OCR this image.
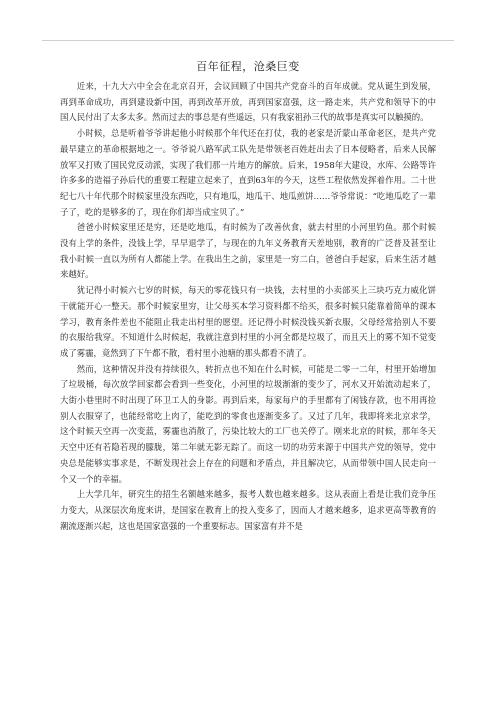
百年征程，沧桑巨变

近来，十九大六中全会在北京召开，会议回顾了中国共产党奋斗的百年成就。党从诞生到发展，再到革命成功，再到建设新中国，再到改革开放，再到国家富强，这一路走来，共产党和领导下的中国人民付出了太多太多。然而过去的事总是有些遥远，只有我家祖孙三代的故事是真实可以触摸的。

小时候，总是听着爷爷讲起他小时候那个年代还在打仗，我的老家是沂蒙山革命老区，是共产党最早建立的革命根据地之一。爷爷说八路军武工队先是带领老百姓赶出去了日本侵略者，后来人民解放军又打败了国民党反动派，实现了我们那一片地方的解放。后来，1958年大建设，水库、公路等许许多多的造福子孙后代的重要工程建立起来了，直到63年的今天，这些工程依然发挥着作用。二十世纪七八十年代那个时候家里没东西吃，只有地瓜，地瓜干、地瓜煎饼……爷爷常说：“吃地瓜吃了一辈子了，吃的是够多的了，现在你们却当成宝贝了。”

爸爸小时候家里还是穷，还是吃地瓜，有时候为了改善伙食，就去村里的小河里钓鱼。那个时候没有上学的条件，没钱上学，早早退学了，与现在的九年义务教育天差地别，教育的广泛普及甚至让我小时候一直以为所有人都能上学。在我出生之前，家里是一穷二白，爸爸白手起家，后来生活才越来越好。

犹记得小时候六七岁的时候，每天的零花钱只有一块钱，去村里的小卖部买上三块巧克力威化饼干就能开心一整天。那个时候家里穷，让父母买本学习资料都不给买，很多时候只能靠着简单的课本学习，教育条件差也不能阻止我走出村里的愿望。还记得小时候没钱买新衣服，父母经常拾别人不要的衣服给我穿。不知道什么时候起，我就注意到村里的小河全都是垃圾了，而且天上的雾不知不觉变成了雾霾，竟然到了下午都不散，看村里小池塘的那头都看不清了。

然而，这种情况并没有持续很久，转折点也不知在什么时候，可能是二零一二年，村里开始增加了垃圾桶，每次放学回家都会看到一些变化，小河里的垃圾渐渐的变少了，河水又开始流动起来了，大街小巷里时不时出现了环卫工人的身影。再到后来，每家每户的手里都有了闲钱存款，也不用再捡别人衣服穿了，也能经常吃上肉了，能吃到的零食也逐渐变多了。又过了几年，我即将来北京求学，这个时候天空再一次变蓝，雾霾也消散了，污染比较大的工厂也关停了。刚来北京的时候，那年冬天天空中还有若隐若现的朦胧，第二年就无影无踪了。而这一切的功劳来源于中国共产党的领导，党中央总是能够实事求是，不断发现社会上存在的问题和矛盾点，并且解决它，从而带领中国人民走向一个又一个的幸福。

上大学几年，研究生的招生名额越来越多，报考人数也越来越多。这从表面上看是让我们竞争压力变大，从深层次角度来讲，是国家在教育上的投入变多了，因而人才越来越多，追求更高等教育的潮流逐渐兴起，这也是国家富强的一个重要标志。国家富有并不是
